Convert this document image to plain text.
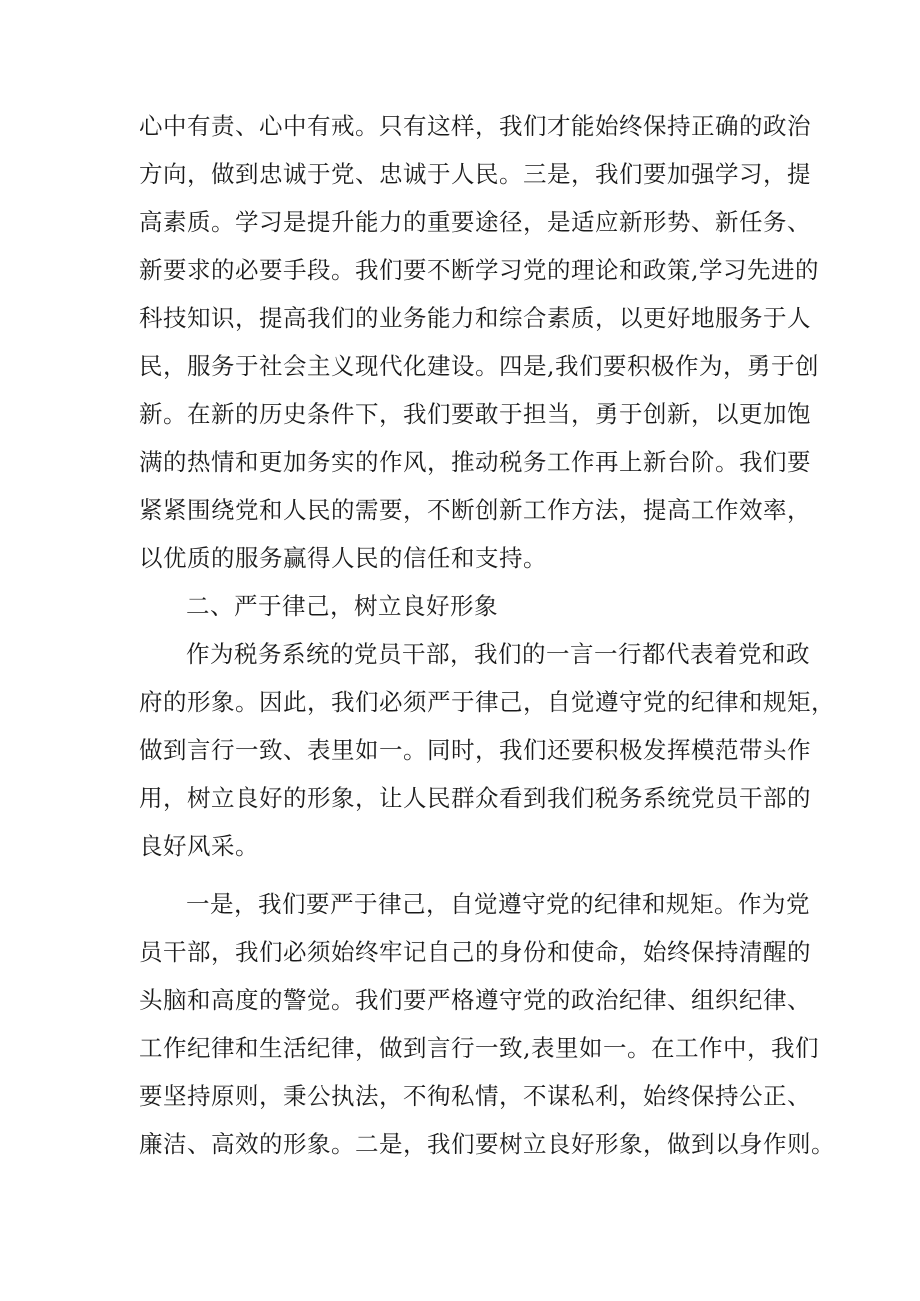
心中有责、心中有戒。只有这样，我们才能始终保持正确的政治
方向，做到忠诚于党、忠诚于人民。三是，我们要加强学习，提
高素质。学习是提升能力的重要途径，是适应新形势、新任务、
新要求的必要手段。我们要不断学习党的理论和政策,学习先进的
科技知识，提高我们的业务能力和综合素质，以更好地服务于人
民，服务于社会主义现代化建设。四是,我们要积极作为，勇于创
新。在新的历史条件下，我们要敢于担当，勇于创新，以更加饱
满的热情和更加务实的作风，推动税务工作再上新台阶。我们要
紧紧围绕党和人民的需要，不断创新工作方法，提高工作效率，
以优质的服务赢得人民的信任和支持。
二、严于律己，树立良好形象
作为税务系统的党员干部，我们的一言一行都代表着党和政
府的形象。因此，我们必须严于律己，自觉遵守党的纪律和规矩，
做到言行一致、表里如一。同时，我们还要积极发挥模范带头作
用，树立良好的形象，让人民群众看到我们税务系统党员干部的
良好风采。
一是，我们要严于律己，自觉遵守党的纪律和规矩。作为党
员干部，我们必须始终牢记自己的身份和使命，始终保持清醒的
头脑和高度的警觉。我们要严格遵守党的政治纪律、组织纪律、
工作纪律和生活纪律，做到言行一致,表里如一。在工作中，我们
要坚持原则，秉公执法，不徇私情，不谋私利，始终保持公正、
廉洁、高效的形象。二是，我们要树立良好形象，做到以身作则。
